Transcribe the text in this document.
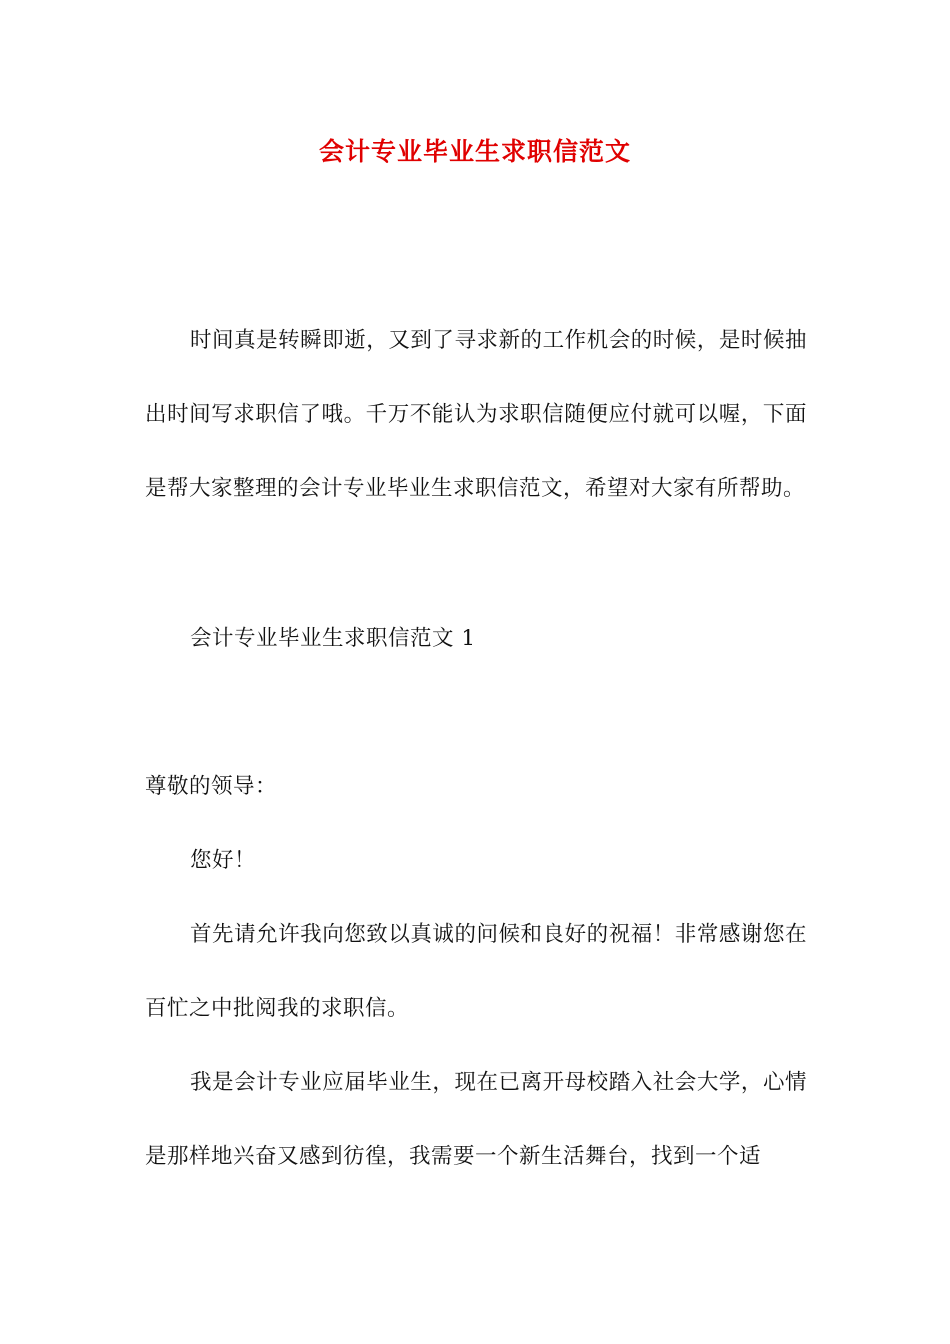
会计专业毕业生求职信范文

时间真是转瞬即逝，又到了寻求新的工作机会的时候，是时候抽出时间写求职信了哦。千万不能认为求职信随便应付就可以喔，下面是帮大家整理的会计专业毕业生求职信范文，希望对大家有所帮助。

会计专业毕业生求职信范文 1

尊敬的领导：

您好！

首先请允许我向您致以真诚的问候和良好的祝福！非常感谢您在百忙之中批阅我的求职信。

我是会计专业应届毕业生，现在已离开母校踏入社会大学，心情是那样地兴奋又感到彷徨，我需要一个新生活舞台，找到一个适
